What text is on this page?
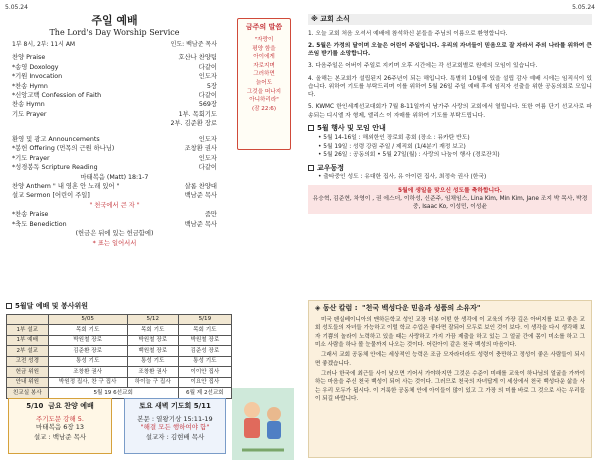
5.05.24	5.05.24
주일 예배
The Lord's Day Worship Service
1부 8시, 2부: 11시 AM	인도: 백남준 목사
찬양 Praise	호산나 찬양팀
*송영 Doxology	다같이
*기원 Invocation	인도자
*찬송 Hymn	5장
*신앙고백 Confession of Faith	다같이
찬송 Hymn	569장
기도 Prayer	1부. 목회기도
2부. 김준환 장로
환영 및 광고 Announcements	인도자
*봉헌 Offering (먼목의 근원 하나님)	조창환 권사
*기도 Prayer	인도자
*성경봉독 Scripture Reading	다같이
마태복음 (Matt) 18:1-7
찬양 Anthem " 내 영혼 안 노래 있어 "	살롬 찬양대
설교 Sermon [어린이 주일]	백남준 목사
" 천국에서 큰 자 "
*찬송 Praise	줌만
*축도 Benediction	백남준 목사
(헌금은 뒤에 있는 헌금함에)
* 표는 일어서서
금주의 말씀
"자랑이
평양 함을
아이에게
자로지며
그러하면
늙어도
그것을 떠나지
아니하리라"
(잠 22:6)
5월달 예배 및 봉사위원
	5/05	5/12	5/19
1부 설교	목회 기도	목회 기도	목회 기도
1부 예배	박원철 장로	박원철 장로	박원철 장로
2부 설교	김준환 장로	백원철 장로	김준성 장로
고전 성경	통성 기도	통성 기도	통성 기도
헌금 위원	조창환 권사	조창환 권사	이이안 집사
안내 위원	박원정 집사, 찬 구 집사	하이늘 구 집사	이요안 집사
친교실 봉사	5월 19 6선교회		6월 제 2선교회
5/10 금요 찬양 예배
주기도문 강해 5.
마태복음 6장 13
설교 : 백남준 목사
토요 새벽 기도회 5/11
본문 : 열왕기상 15:11-19
"해결 모든 행하여야 함"
설교자 : 김현배 목사
※ 교회 소식

1. 오늘 교회 처음 오셔서 예배에 참석하신 분들을 주님의 이름으로 환영합니다.

2. 5월은 가정의 달이며 오늘은 어린이 주일입니다. 우리의 자녀들이 믿음으로 잘 자라서 주의 나라를 위하여 큰 쓰임 받기를 소망합니다.

3. 다음주일은 어버이 주일로 지키며 오후 시간에는 각 선교회별로 원예의 모임이 있습니다.

4. 올해는 본교회가 설립된지 26주년이 되는 해입니다. 특별히 10월에 있을 설립 감사 예배 시에는 임직식이 있습니다. 위하여 기도를 부탁드리며 이를 위하여 5월 26일 주일 예배 후에 임직자 선출을 위한 공동의회로 모입니다.

5. KWMC 한인세계선교대회가 7월 8-11일까지 남가주 사랑의 교회에서 열립니다. 또한 여름 단기 선교사로 파송되는 디시엘 자 형제, 엘리스 이 자매를 위하여 기도를 부탁드립니다.

5월 행사 및 모임 안내
• 5월 14-16일 : 해외한인 장로회 총회 (장소 : 뮤카탄 반도)
• 5월 19일 : 성령 강림 주일 / 제직회 (1/4분기 재정 보고)
• 5월 26일 : 공동의회 • 5월 27일(월) : 사랑의 나눔이 행사 (경로잔치)
교우동정
• 출타중인 성도 : 유대한 집사, 유 아이린 집사, 최정숙 권사 (한국)
5월에 생일을 맞으신 성도를 축하합니다.
유승혁, 김준현, 차영이 , 권 에스더, 이하성, 신준주, 임채임스, Lina Kim, Min Kim, Jane 조지 박 목사, 박경중, Isaac Ko, 이성민, 이성윤
◈ 동산 칼럼 : "천국 백성다운 믿음과 성품의 소유자"

미국 펜실베이니아의 맨하든학교 성인 교장 더봉 어떤 한 생각에 이 교육의 가장 깊은 아버지를 보고 좋은 교회 성도들의 자녀들 가능하고 이럴 학교 수업은 좋다면 잘되어 모두로 보인 것이 보다. 이 생각을 다시 생각해 보자 기쁨의 놀라이 노력하고 있을 때는 사랑하고 가지 가끔 제출을 하고 있는 그 얼굴 간에 몸이 미소를 하고 그 미소 사람을 하나 볼 눈물까지 나오는 것이다. 어린아이 같은 천국 백성의 마음이다.

그래서 교회 공동체 안에는 세상적인 능력은 조금 모자라더라도 성령이 충만하고 정성이 좋은 사람들이 되시면 좋겠습니다.

그러나 한국에 최근들 사이 낮으면 기어서 가야하지만 그것은 수준이 미래를 교육이 하나님의 얼굴을 가까이 하는 마음을 주신 천국 백성이 되어 사는 것이다. 그러므로 천국의 자녀답게 이 세상에서 천국 백성다운 삶을 사는 우리 모두가 됩시다. 이 거룩한 공동체 안에 아이들이 많이 있고 그 가장 의 미를 바로 그 것으로 사는 우리들이 되길 바랍니다.
